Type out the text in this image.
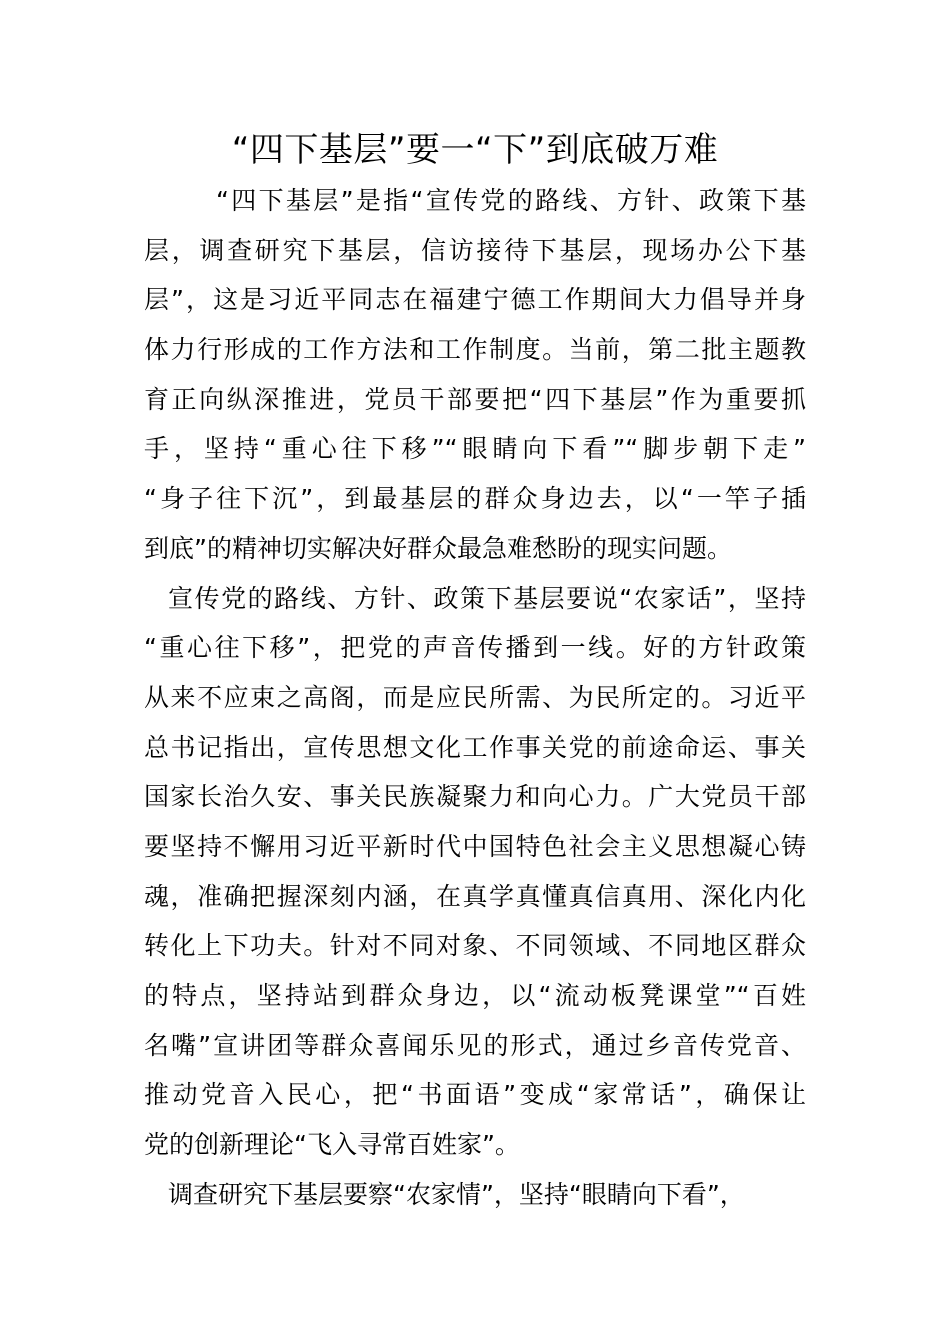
“四下基层”要一“下”到底破万难

“四下基层”是指“宣传党的路线、方针、政策下基
层，调查研究下基层，信访接待下基层，现场办公下基
层”，这是习近平同志在福建宁德工作期间大力倡导并身
体力行形成的工作方法和工作制度。当前，第二批主题教
育正向纵深推进，党员干部要把“四下基层”作为重要抓
手，坚持“重心往下移”“眼睛向下看”“脚步朝下走”
“身子往下沉”，到最基层的群众身边去，以“一竿子插
到底”的精神切实解决好群众最急难愁盼的现实问题。

宣传党的路线、方针、政策下基层要说“农家话”，坚持
“重心往下移”，把党的声音传播到一线。好的方针政策
从来不应束之高阁，而是应民所需、为民所定的。习近平
总书记指出，宣传思想文化工作事关党的前途命运、事关
国家长治久安、事关民族凝聚力和向心力。广大党员干部
要坚持不懈用习近平新时代中国特色社会主义思想凝心铸
魂，准确把握深刻内涵，在真学真懂真信真用、深化内化
转化上下功夫。针对不同对象、不同领域、不同地区群众
的特点，坚持站到群众身边，以“流动板凳课堂”“百姓
名嘴”宣讲团等群众喜闻乐见的形式，通过乡音传党音、
推动党音入民心，把“书面语”变成“家常话”，确保让
党的创新理论“飞入寻常百姓家”。

调查研究下基层要察“农家情”，坚持“眼睛向下看”，
